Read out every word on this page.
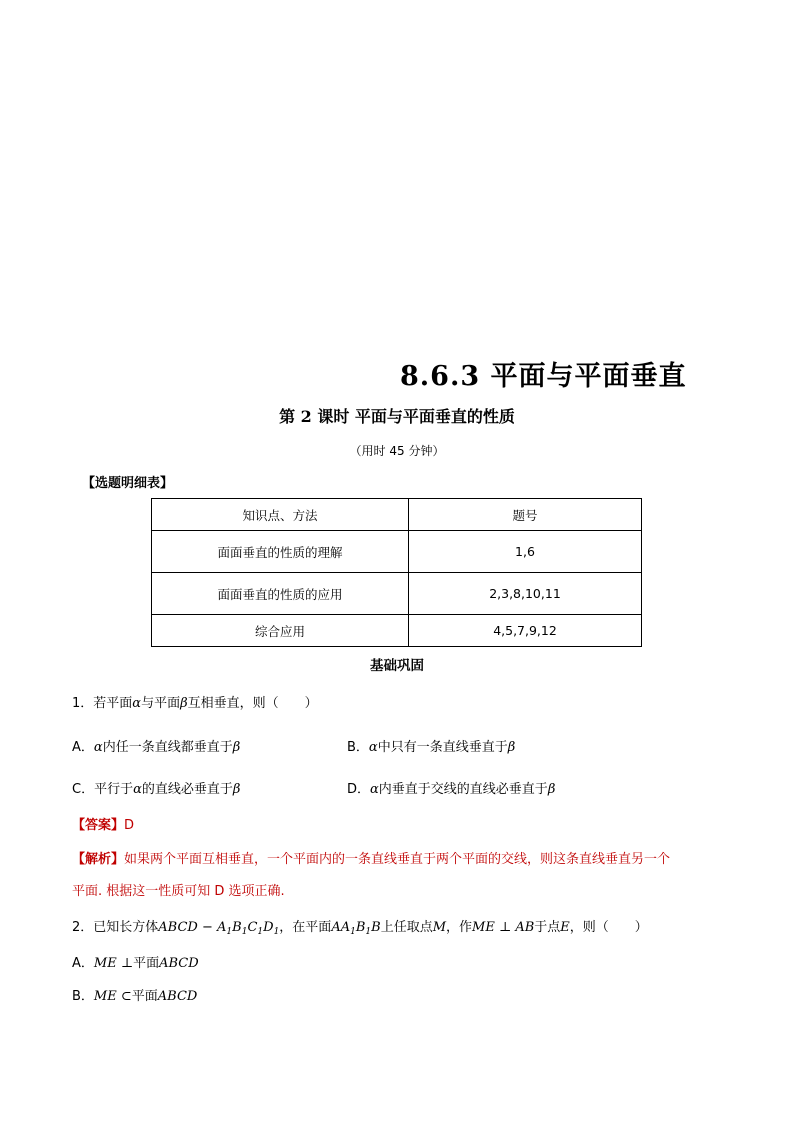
8.6.3 平面与平面垂直
第 2 课时 平面与平面垂直的性质
（用时 45 分钟）
【选题明细表】
知识点、方法	题号
面面垂直的性质的理解	1,6
面面垂直的性质的应用	2,3,8,10,11
综合应用	4,5,7,9,12
基础巩固
1．若平面α与平面β互相垂直，则（　　）
A．α内任一条直线都垂直于β	B．α中只有一条直线垂直于β
C．平行于α的直线必垂直于β	D．α内垂直于交线的直线必垂直于β
【答案】D
【解析】如果两个平面互相垂直，一个平面内的一条直线垂直于两个平面的交线，则这条直线垂直另一个
平面. 根据这一性质可知 D 选项正确.
2．已知长方体ABCD − $A_1B_1C_1D_1$，在平面$AA_1B_1B$上任取点M，作ME ⊥ AB于点E，则（　　）
A．ME ⊥平面ABCD
B．ME ⊂平面ABCD
